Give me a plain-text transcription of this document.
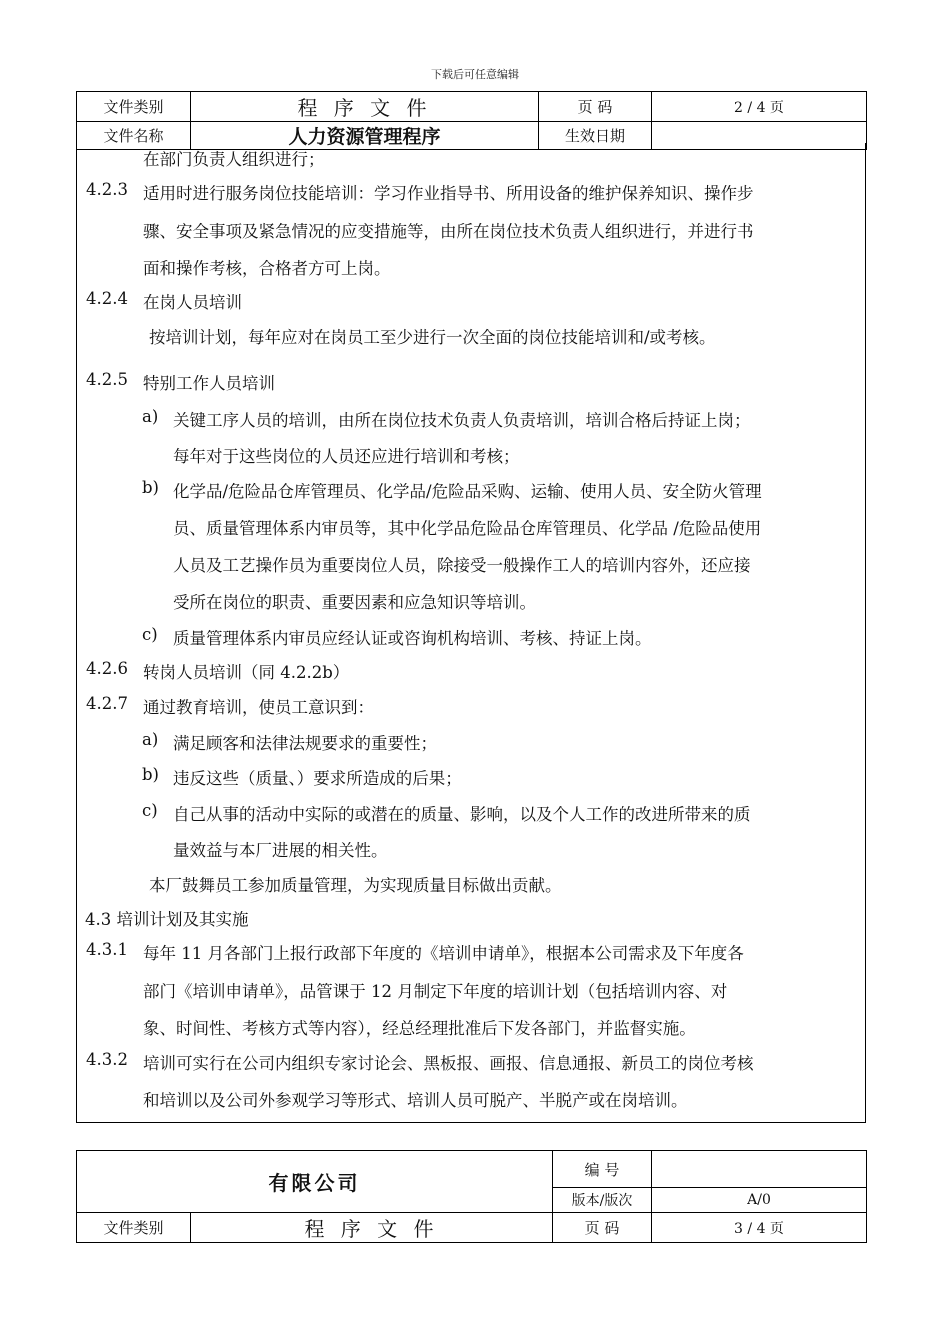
下载后可任意编辑
文件类别	程 序 文 件	页 码	2 / 4 页
文件名称	人力资源管理程序	生效日期	
在部门负责人组织进行；
4.2.3 适用时进行服务岗位技能培训：学习作业指导书、所用设备的维护保养知识、操作步
骤、安全事项及紧急情况的应变措施等，由所在岗位技术负责人组织进行，并进行书
面和操作考核，合格者方可上岗。
4.2.4 在岗人员培训
按培训计划，每年应对在岗员工至少进行一次全面的岗位技能培训和/或考核。
4.2.5 特别工作人员培训
a) 关键工序人员的培训，由所在岗位技术负责人负责培训，培训合格后持证上岗；
每年对于这些岗位的人员还应进行培训和考核；
b) 化学品/危险品仓库管理员、化学品/危险品采购、运输、使用人员、安全防火管理
员、质量管理体系内审员等，其中化学品危险品仓库管理员、化学品 /危险品使用
人员及工艺操作员为重要岗位人员，除接受一般操作工人的培训内容外，还应接
受所在岗位的职责、重要因素和应急知识等培训。
c) 质量管理体系内审员应经认证或咨询机构培训、考核、持证上岗。
4.2.6 转岗人员培训（同 4.2.2b）
4.2.7 通过教育培训，使员工意识到：
a) 满足顾客和法律法规要求的重要性；
b) 违反这些（质量、）要求所造成的后果；
c) 自己从事的活动中实际的或潜在的质量、影响，以及个人工作的改进所带来的质
量效益与本厂进展的相关性。
本厂鼓舞员工参加质量管理，为实现质量目标做出贡献。
4.3 培训计划及其实施
4.3.1 每年 11 月各部门上报行政部下年度的《培训申请单》，根据本公司需求及下年度各
部门《培训申请单》，品管课于 12 月制定下年度的培训计划（包括培训内容、对
象、时间性、考核方式等内容），经总经理批准后下发各部门，并监督实施。
4.3.2 培训可实行在公司内组织专家讨论会、黑板报、画报、信息通报、新员工的岗位考核
和培训以及公司外参观学习等形式、培训人员可脱产、半脱产或在岗培训。
有限公司		编 号	
		版本/版次	A/0
文件类别	程 序 文 件	页 码	3 / 4 页
